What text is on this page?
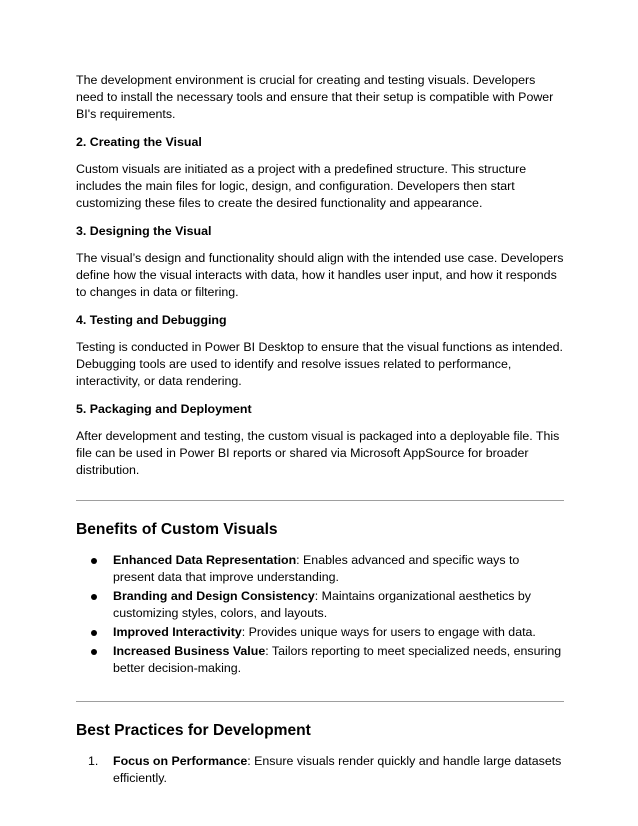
The development environment is crucial for creating and testing visuals. Developers need to install the necessary tools and ensure that their setup is compatible with Power BI's requirements.

2. Creating the Visual

Custom visuals are initiated as a project with a predefined structure. This structure includes the main files for logic, design, and configuration. Developers then start customizing these files to create the desired functionality and appearance.

3. Designing the Visual

The visual’s design and functionality should align with the intended use case. Developers define how the visual interacts with data, how it handles user input, and how it responds to changes in data or filtering.

4. Testing and Debugging

Testing is conducted in Power BI Desktop to ensure that the visual functions as intended. Debugging tools are used to identify and resolve issues related to performance, interactivity, or data rendering.

5. Packaging and Deployment

After development and testing, the custom visual is packaged into a deployable file. This file can be used in Power BI reports or shared via Microsoft AppSource for broader distribution.

Benefits of Custom Visuals
Enhanced Data Representation: Enables advanced and specific ways to present data that improve understanding.
Branding and Design Consistency: Maintains organizational aesthetics by customizing styles, colors, and layouts.
Improved Interactivity: Provides unique ways for users to engage with data.
Increased Business Value: Tailors reporting to meet specialized needs, ensuring better decision-making.
Best Practices for Development
1.	Focus on Performance: Ensure visuals render quickly and handle large datasets efficiently.
